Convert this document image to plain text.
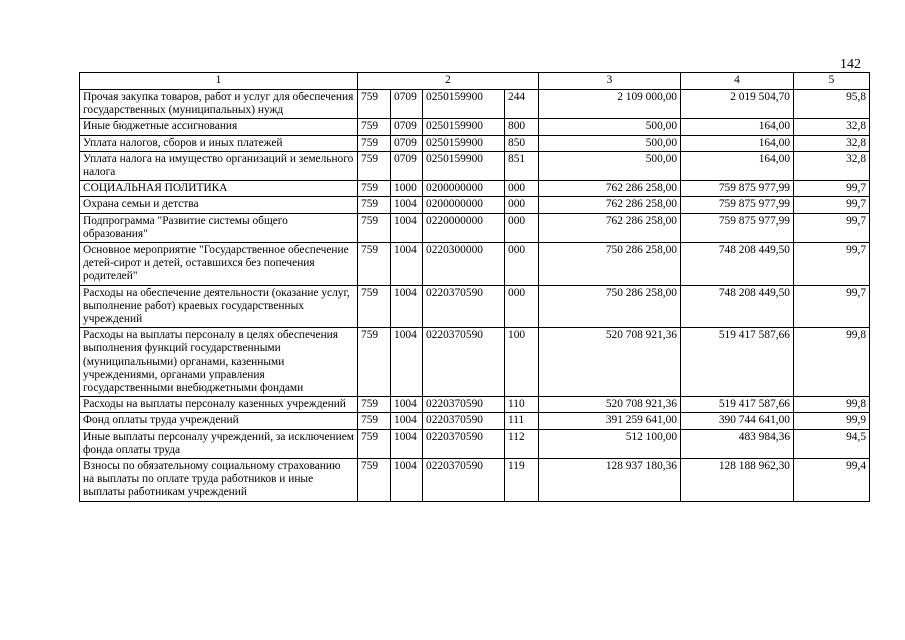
142
1	2				3	4	5
Прочая закупка товаров, работ и услуг для обеспечения государственных (муниципальных) нужд	759	0709	0250159900	244	2 109 000,00	2 019 504,70	95,8
Иные бюджетные ассигнования	759	0709	0250159900	800	500,00	164,00	32,8
Уплата налогов, сборов и иных платежей	759	0709	0250159900	850	500,00	164,00	32,8
Уплата налога на имущество организаций и земельного налога	759	0709	0250159900	851	500,00	164,00	32,8
СОЦИАЛЬНАЯ ПОЛИТИКА	759	1000	0200000000	000	762 286 258,00	759 875 977,99	99,7
Охрана семьи и детства	759	1004	0200000000	000	762 286 258,00	759 875 977,99	99,7
Подпрограмма "Развитие системы общего образования"	759	1004	0220000000	000	762 286 258,00	759 875 977,99	99,7
Основное мероприятие "Государственное обеспечение детей-сирот и детей, оставшихся без попечения родителей"	759	1004	0220300000	000	750 286 258,00	748 208 449,50	99,7
Расходы на обеспечение деятельности (оказание услуг, выполнение работ) краевых государственных учреждений	759	1004	0220370590	000	750 286 258,00	748 208 449,50	99,7
Расходы на выплаты персоналу в целях обеспечения выполнения функций государственными (муниципальными) органами, казенными учреждениями, органами управления государственными внебюджетными фондами	759	1004	0220370590	100	520 708 921,36	519 417 587,66	99,8
Расходы на выплаты персоналу казенных учреждений	759	1004	0220370590	110	520 708 921,36	519 417 587,66	99,8
Фонд оплаты труда учреждений	759	1004	0220370590	111	391 259 641,00	390 744 641,00	99,9
Иные выплаты персоналу учреждений, за исключением фонда оплаты труда	759	1004	0220370590	112	512 100,00	483 984,36	94,5
Взносы по обязательному социальному страхованию на выплаты по оплате труда работников и иные выплаты работникам учреждений	759	1004	0220370590	119	128 937 180,36	128 188 962,30	99,4
